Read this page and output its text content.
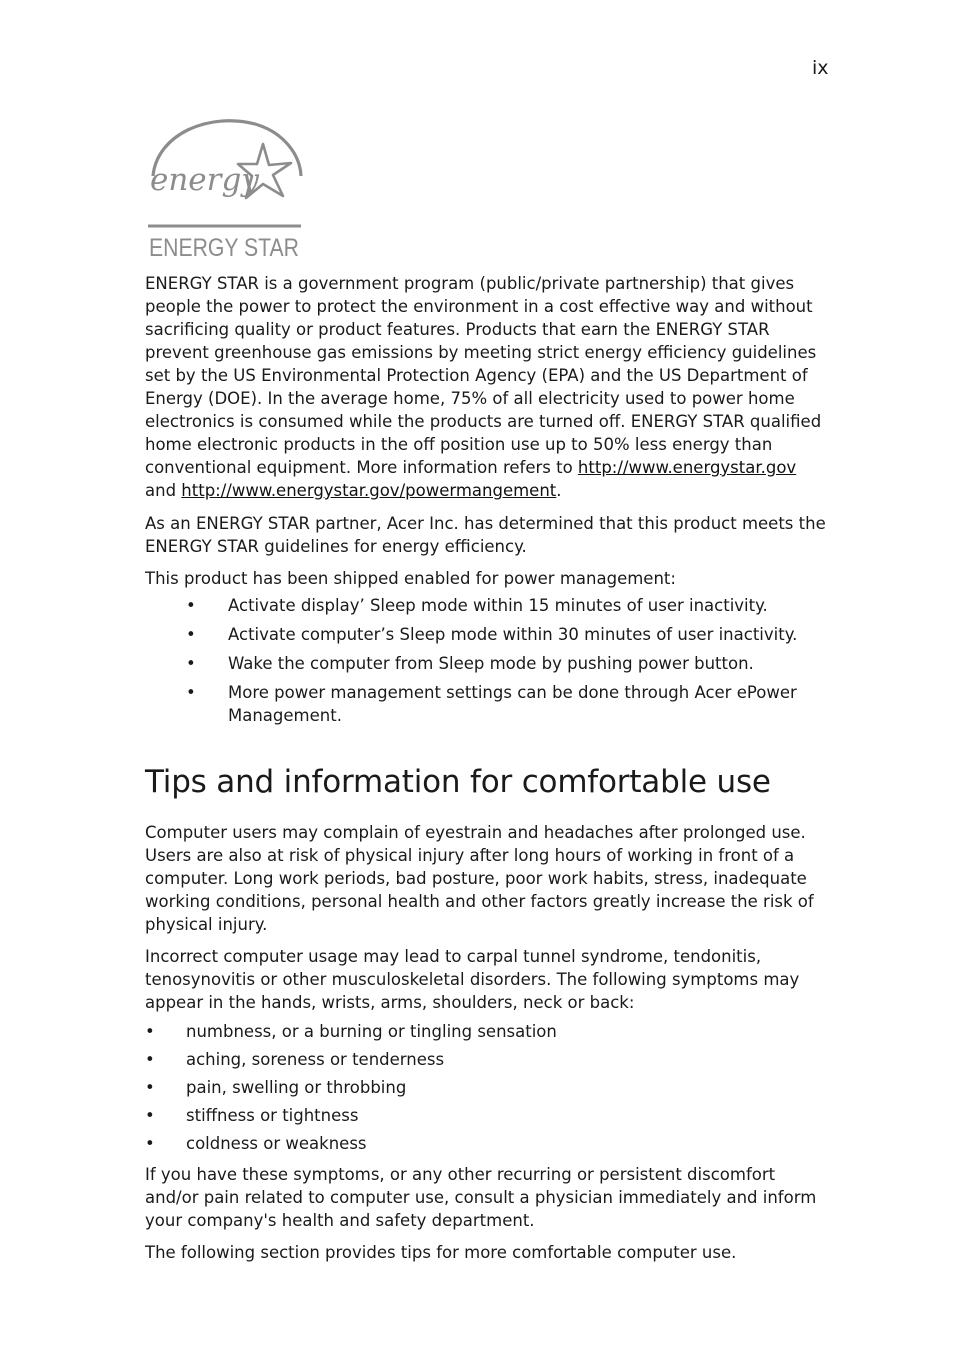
ix
energy
ENERGY STAR

ENERGY STAR is a government program (public/private partnership) that gives people the power to protect the environment in a cost effective way and without sacrificing quality or product features. Products that earn the ENERGY STAR prevent greenhouse gas emissions by meeting strict energy efficiency guidelines set by the US Environmental Protection Agency (EPA) and the US Department of Energy (DOE). In the average home, 75% of all electricity used to power home electronics is consumed while the products are turned off. ENERGY STAR qualified home electronic products in the off position use up to 50% less energy than conventional equipment. More information refers to http://www.energystar.gov and http://www.energystar.gov/powermangement.

As an ENERGY STAR partner, Acer Inc. has determined that this product meets the ENERGY STAR guidelines for energy efficiency.

This product has been shipped enabled for power management:

• Activate display’ Sleep mode within 15 minutes of user inactivity.
• Activate computer’s Sleep mode within 30 minutes of user inactivity.
• Wake the computer from Sleep mode by pushing power button.
• More power management settings can be done through Acer ePower Management.
Tips and information for comfortable use

Computer users may complain of eyestrain and headaches after prolonged use. Users are also at risk of physical injury after long hours of working in front of a computer. Long work periods, bad posture, poor work habits, stress, inadequate working conditions, personal health and other factors greatly increase the risk of physical injury.

Incorrect computer usage may lead to carpal tunnel syndrome, tendonitis, tenosynovitis or other musculoskeletal disorders. The following symptoms may appear in the hands, wrists, arms, shoulders, neck or back:

• numbness, or a burning or tingling sensation
• aching, soreness or tenderness
• pain, swelling or throbbing
• stiffness or tightness
• coldness or weakness

If you have these symptoms, or any other recurring or persistent discomfort and/or pain related to computer use, consult a physician immediately and inform your company's health and safety department.

The following section provides tips for more comfortable computer use.
